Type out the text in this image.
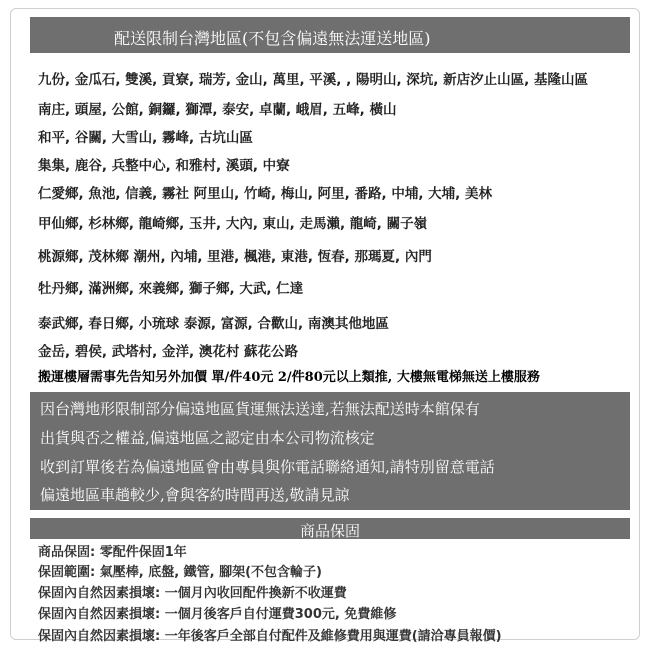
配送限制台灣地區(不包含偏遠無法運送地區)
九份, 金瓜石, 雙溪, 貢寮, 瑞芳, 金山, 萬里, 平溪, , 陽明山, 深坑, 新店汐止山區, 基隆山區
南庄, 頭屋, 公館, 銅鑼, 獅潭, 泰安, 卓蘭, 峨眉, 五峰, 橫山
和平, 谷關, 大雪山, 霧峰, 古坑山區
集集, 鹿谷, 兵整中心, 和雅村, 溪頭, 中寮
仁愛鄉, 魚池, 信義, 霧社 阿里山, 竹崎, 梅山, 阿里, 番路, 中埔, 大埔, 美林
甲仙鄉, 杉林鄉, 龍崎鄉, 玉井, 大內, 東山, 走馬瀨, 龍崎, 關子嶺
桃源鄉, 茂林鄉 潮州, 內埔, 里港, 楓港, 東港, 恆春, 那瑪夏, 內門
牡丹鄉, 滿洲鄉, 來義鄉, 獅子鄉, 大武, 仁達
泰武鄉, 春日鄉, 小琉球 泰源, 富源, 合歡山, 南澳其他地區
金岳, 碧侯, 武塔村, 金洋, 澳花村 蘇花公路
搬運樓層需事先告知另外加價 單/件40元 2/件80元以上類推, 大樓無電梯無送上樓服務
因台灣地形限制部分偏遠地區貨運無法送達,若無法配送時本館保有
出貨與否之權益,偏遠地區之認定由本公司物流核定
收到訂單後若為偏遠地區會由專員與你電話聯絡通知,請特別留意電話
偏遠地區車趟較少,會與客約時間再送,敬請見諒
商品保固
商品保固: 零配件保固1年
保固範圍: 氣壓棒, 底盤, 鐵管, 腳架(不包含輪子)
保固內自然因素損壞: 一個月內收回配件換新不收運費
保固內自然因素損壞: 一個月後客戶自付運費300元, 免費維修
保固內自然因素損壞: 一年後客戶全部自付配件及維修費用與運費(請洽專員報價)
